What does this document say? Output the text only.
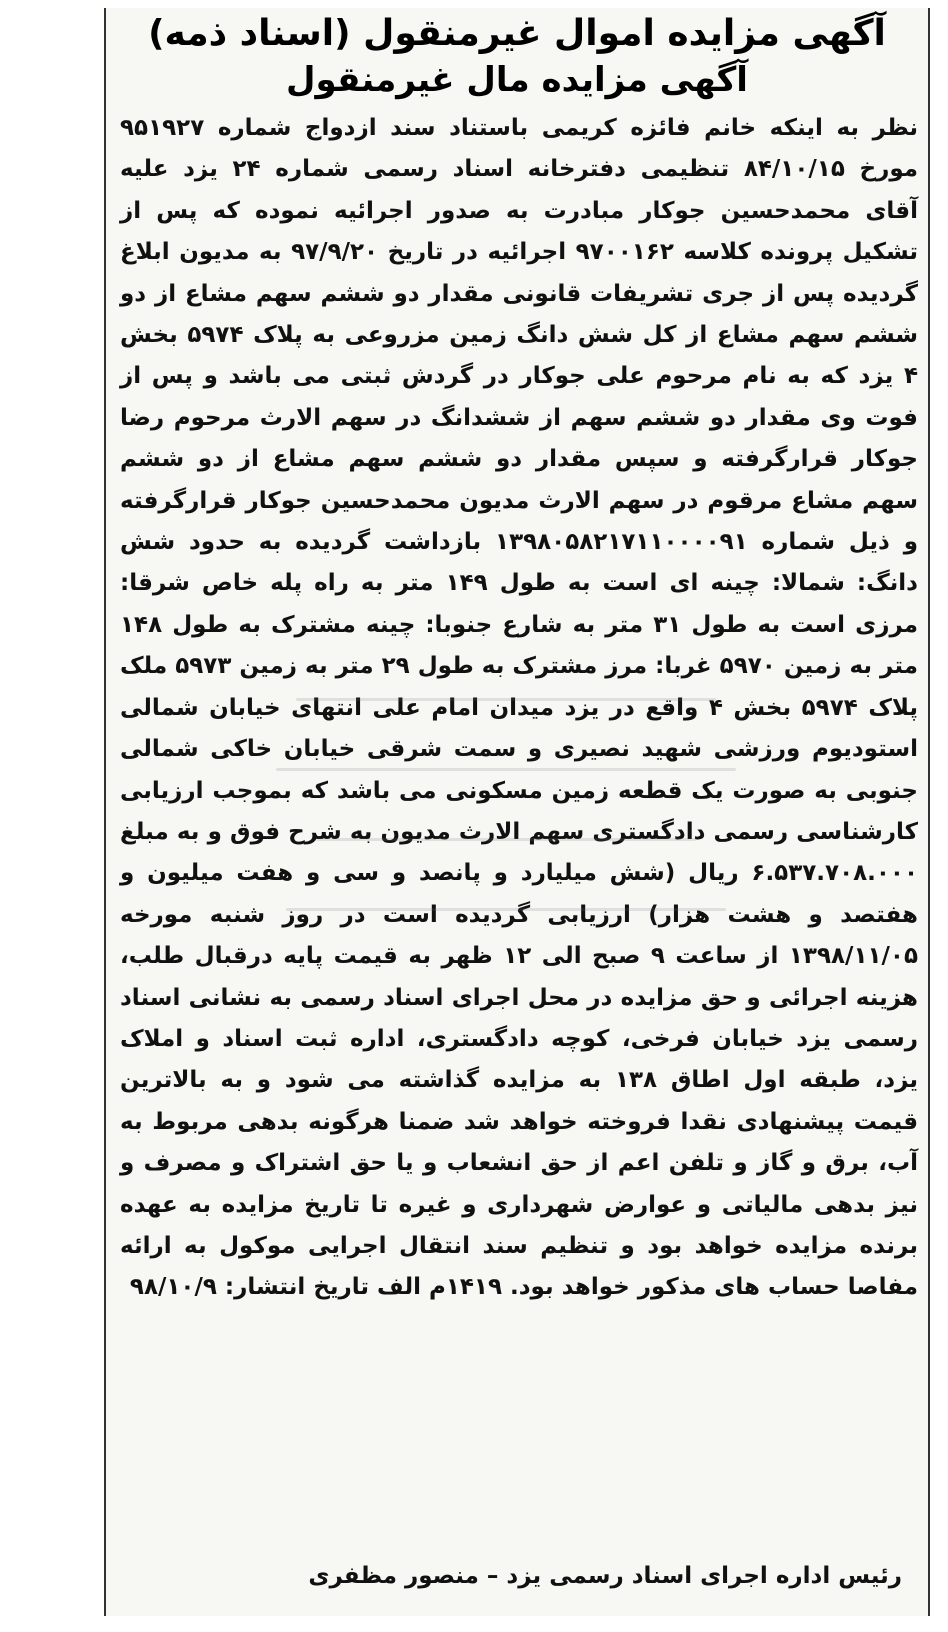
آگهی مزایده اموال غیرمنقول (اسناد ذمه)
آگهی مزایده مال غیرمنقول

نظر به اینکه خانم فائزه کریمی باستناد سند ازدواج شماره ۹۵۱۹۲۷ مورخ ۸۴/۱۰/۱۵ تنظیمی دفترخانه اسناد رسمی شماره ۲۴ یزد علیه آقای محمدحسین جوکار مبادرت به صدور اجرائیه نموده که پس از تشکیل پرونده کلاسه ۹۷۰۰۱۶۲ اجرائیه در تاریخ ۹۷/۹/۲۰ به مدیون ابلاغ گردیده پس از جری تشریفات قانونی مقدار دو ششم سهم مشاع از دو ششم سهم مشاع از کل شش دانگ زمین مزروعی به پلاک ۵۹۷۴ بخش ۴ یزد که به نام مرحوم علی جوکار در گردش ثبتی می باشد و پس از فوت وی مقدار دو ششم سهم از ششدانگ در سهم الارث مرحوم رضا جوکار قرارگرفته و سپس مقدار دو ششم سهم مشاع از دو ششم سهم مشاع مرقوم در سهم الارث مدیون محمدحسین جوکار قرارگرفته و ذیل شماره ۱۳۹۸۰۵۸۲۱۷۱۱۰۰۰۰۹۱ بازداشت گردیده به حدود شش دانگ: شمالا: چینه ای است به طول ۱۴۹ متر به راه پله خاص شرقا: مرزی است به طول ۳۱ متر به شارع جنوبا: چینه مشترک به طول ۱۴۸ متر به زمین ۵۹۷۰ غربا: مرز مشترک به طول ۲۹ متر به زمین ۵۹۷۳ ملک پلاک ۵۹۷۴ بخش ۴ واقع در یزد میدان امام علی انتهای خیابان شمالی استودیوم ورزشی شهید نصیری و سمت شرقی خیابان خاکی شمالی جنوبی به صورت یک قطعه زمین مسکونی می باشد که بموجب ارزیابی کارشناسی رسمی دادگستری سهم الارث مدیون به شرح فوق و به مبلغ ۶.۵۳۷.۷۰۸.۰۰۰ ریال (شش میلیارد و پانصد و سی و هفت میلیون و هفتصد و هشت هزار) ارزیابی گردیده است در روز شنبه مورخه ۱۳۹۸/۱۱/۰۵ از ساعت ۹ صبح الی ۱۲ ظهر به قیمت پایه درقبال طلب، هزینه اجرائی و حق مزایده در محل اجرای اسناد رسمی به نشانی اسناد رسمی یزد خیابان فرخی، کوچه دادگستری، اداره ثبت اسناد و املاک یزد، طبقه اول اطاق ۱۳۸ به مزایده گذاشته می شود و به بالاترین قیمت پیشنهادی نقدا فروخته خواهد شد ضمنا هرگونه بدهی مربوط به آب، برق و گاز و تلفن اعم از حق انشعاب و یا حق اشتراک و مصرف و نیز بدهی مالیاتی و عوارض شهرداری و غیره تا تاریخ مزایده به عهده برنده مزایده خواهد بود و تنظیم سند انتقال اجرایی موکول به ارائه مفاصا حساب های مذکور خواهد بود. ۱۴۱۹م الف تاریخ انتشار: ۹۸/۱۰/۹

رئیس اداره اجرای اسناد رسمی یزد – منصور مظفری
